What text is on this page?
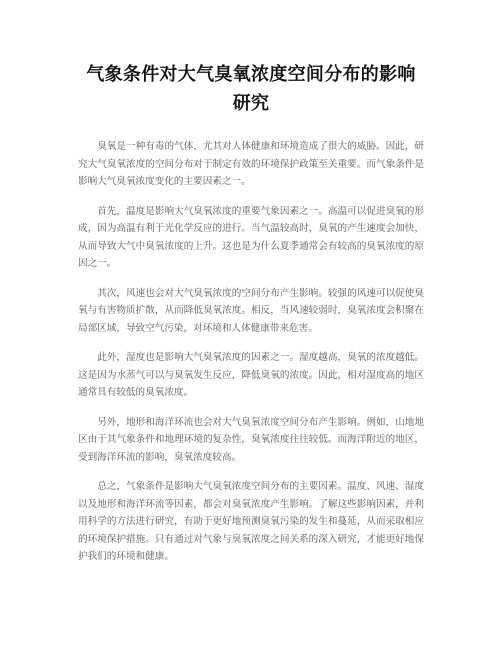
气象条件对大气臭氧浓度空间分布的影响研究

臭氧是一种有毒的气体，尤其对人体健康和环境造成了很大的威胁。因此，研究大气臭氧浓度的空间分布对于制定有效的环境保护政策至关重要。而气象条件是影响大气臭氧浓度变化的主要因素之一。

首先，温度是影响大气臭氧浓度的重要气象因素之一。高温可以促进臭氧的形成，因为高温有利于光化学反应的进行。当气温较高时，臭氧的产生速度会加快，从而导致大气中臭氧浓度的上升。这也是为什么夏季通常会有较高的臭氧浓度的原因之一。

其次，风速也会对大气臭氧浓度的空间分布产生影响。较强的风速可以促使臭氧与有害物质扩散，从而降低臭氧浓度。相反，当风速较弱时，臭氧浓度会积聚在局部区域，导致空气污染，对环境和人体健康带来危害。

此外，湿度也是影响大气臭氧浓度的因素之一。湿度越高，臭氧的浓度越低。这是因为水蒸气可以与臭氧发生反应，降低臭氧的浓度。因此，相对湿度高的地区通常具有较低的臭氧浓度。

另外，地形和海洋环流也会对大气臭氧浓度空间分布产生影响。例如，山地地区由于其气象条件和地理环境的复杂性，臭氧浓度往往较低。而海洋附近的地区，受到海洋环流的影响，臭氧浓度较高。

总之，气象条件是影响大气臭氧浓度空间分布的主要因素。温度、风速、湿度以及地形和海洋环流等因素，都会对臭氧浓度产生影响。了解这些影响因素，并利用科学的方法进行研究，有助于更好地预测臭氧污染的发生和蔓延，从而采取相应的环境保护措施。只有通过对气象与臭氧浓度之间关系的深入研究，才能更好地保护我们的环境和健康。
